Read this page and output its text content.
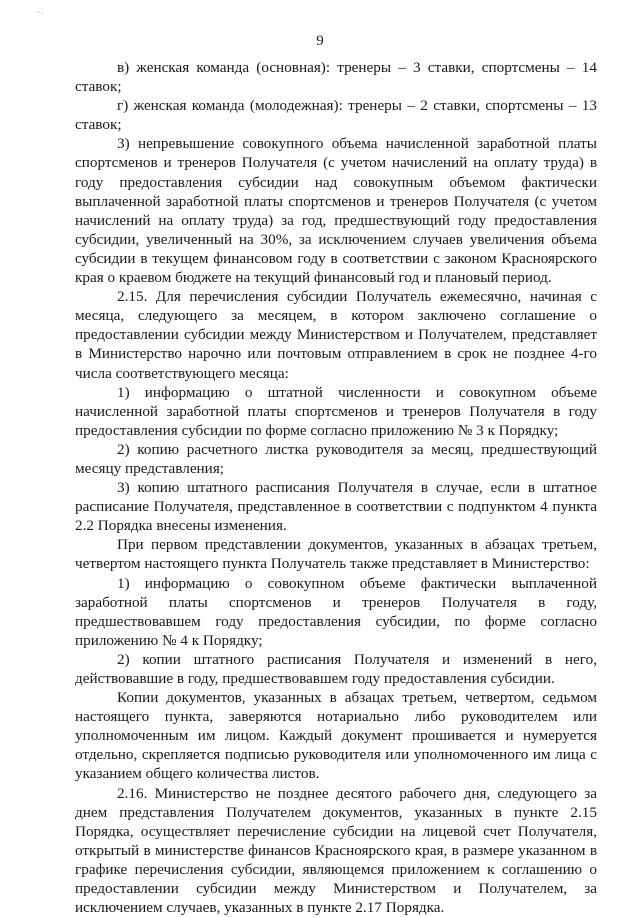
' ·
9

в) женская команда (основная): тренеры – 3 ставки, спортсмены – 14 ставок;

г) женская команда (молодежная): тренеры – 2 ставки, спортсмены – 13 ставок;

3) непревышение совокупного объема начисленной заработной платы спортсменов и тренеров Получателя (с учетом начислений на оплату труда) в году предоставления субсидии над совокупным объемом фактически выплаченной заработной платы спортсменов и тренеров Получателя (с учетом начислений на оплату труда) за год, предшествующий году предоставления субсидии, увеличенный на 30%, за исключением случаев увеличения объема субсидии в текущем финансовом году в соответствии с законом Красноярского края о краевом бюджете на текущий финансовый год и плановый период.

2.15. Для перечисления субсидии Получатель ежемесячно, начиная с месяца, следующего за месяцем, в котором заключено соглашение о предоставлении субсидии между Министерством и Получателем, представляет в Министерство нарочно или почтовым отправлением в срок не позднее 4-го числа соответствующего месяца:

1) информацию о штатной численности и совокупном объеме начисленной заработной платы спортсменов и тренеров Получателя в году предоставления субсидии по форме согласно приложению № 3 к Порядку;

2) копию расчетного листка руководителя за месяц, предшествующий месяцу представления;

3) копию штатного расписания Получателя в случае, если в штатное расписание Получателя, представленное в соответствии с подпунктом 4 пункта 2.2 Порядка внесены изменения.

При первом представлении документов, указанных в абзацах третьем, четвертом настоящего пункта Получатель также представляет в Министерство:

1) информацию о совокупном объеме фактически выплаченной заработной платы спортсменов и тренеров Получателя в году, предшествовавшем году предоставления субсидии, по форме согласно приложению № 4 к Порядку;

2) копии штатного расписания Получателя и изменений в него, действовавшие в году, предшествовавшем году предоставления субсидии.

Копии документов, указанных в абзацах третьем, четвертом, седьмом настоящего пункта, заверяются нотариально либо руководителем или уполномоченным им лицом. Каждый документ прошивается и нумеруется отдельно, скрепляется подписью руководителя или уполномоченного им лица с указанием общего количества листов.

2.16. Министерство не позднее десятого рабочего дня, следующего за днем представления Получателем документов, указанных в пункте 2.15 Порядка, осуществляет перечисление субсидии на лицевой счет Получателя, открытый в министерстве финансов Красноярского края, в размере указанном в графике перечисления субсидии, являющемся приложением к соглашению о предоставлении субсидии между Министерством и Получателем, за исключением случаев, указанных в пункте 2.17 Порядка.
